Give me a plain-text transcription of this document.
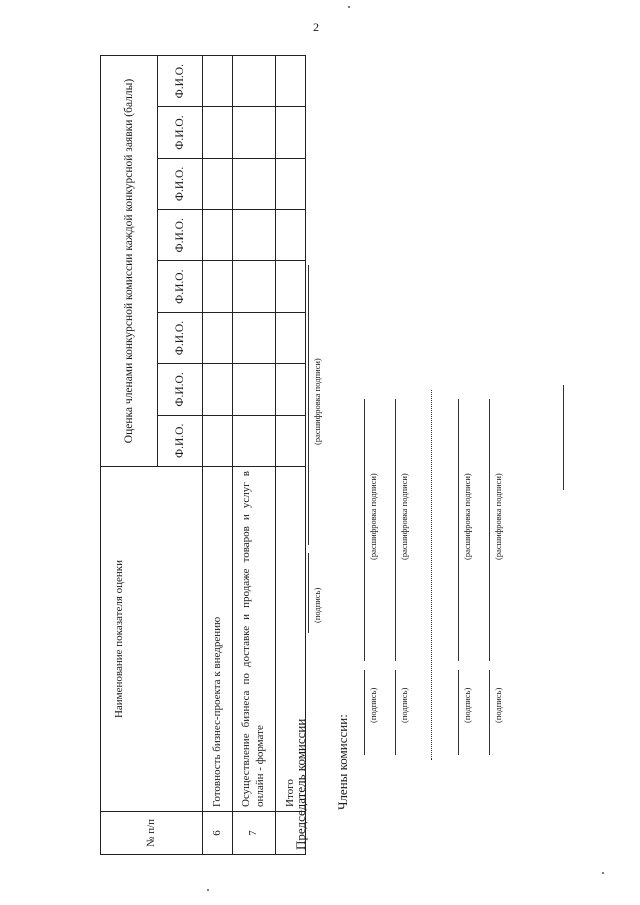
2
№ п/п	Наименование показателя оценки	Оценка членами конкурсной комиссии каждой конкурсной заявки (баллы)							
		Ф.И.О.	Ф.И.О.	Ф.И.О.	Ф.И.О.	Ф.И.О.	Ф.И.О.	Ф.И.О.	Ф.И.О.
6	Готовность бизнес-проекта к внедрению								
7	Осуществление бизнеса по доставке и продаже товаров и услуг в онлайн - формате								
	Итого								
Председатель комиссии
(подпись)
(расшифровка подписи)
Члены комиссии:
(подпись)
(расшифровка подписи)
(подпись)
(расшифровка подписи)
(подпись)
(расшифровка подписи)
(подпись)
(расшифровка подписи)
